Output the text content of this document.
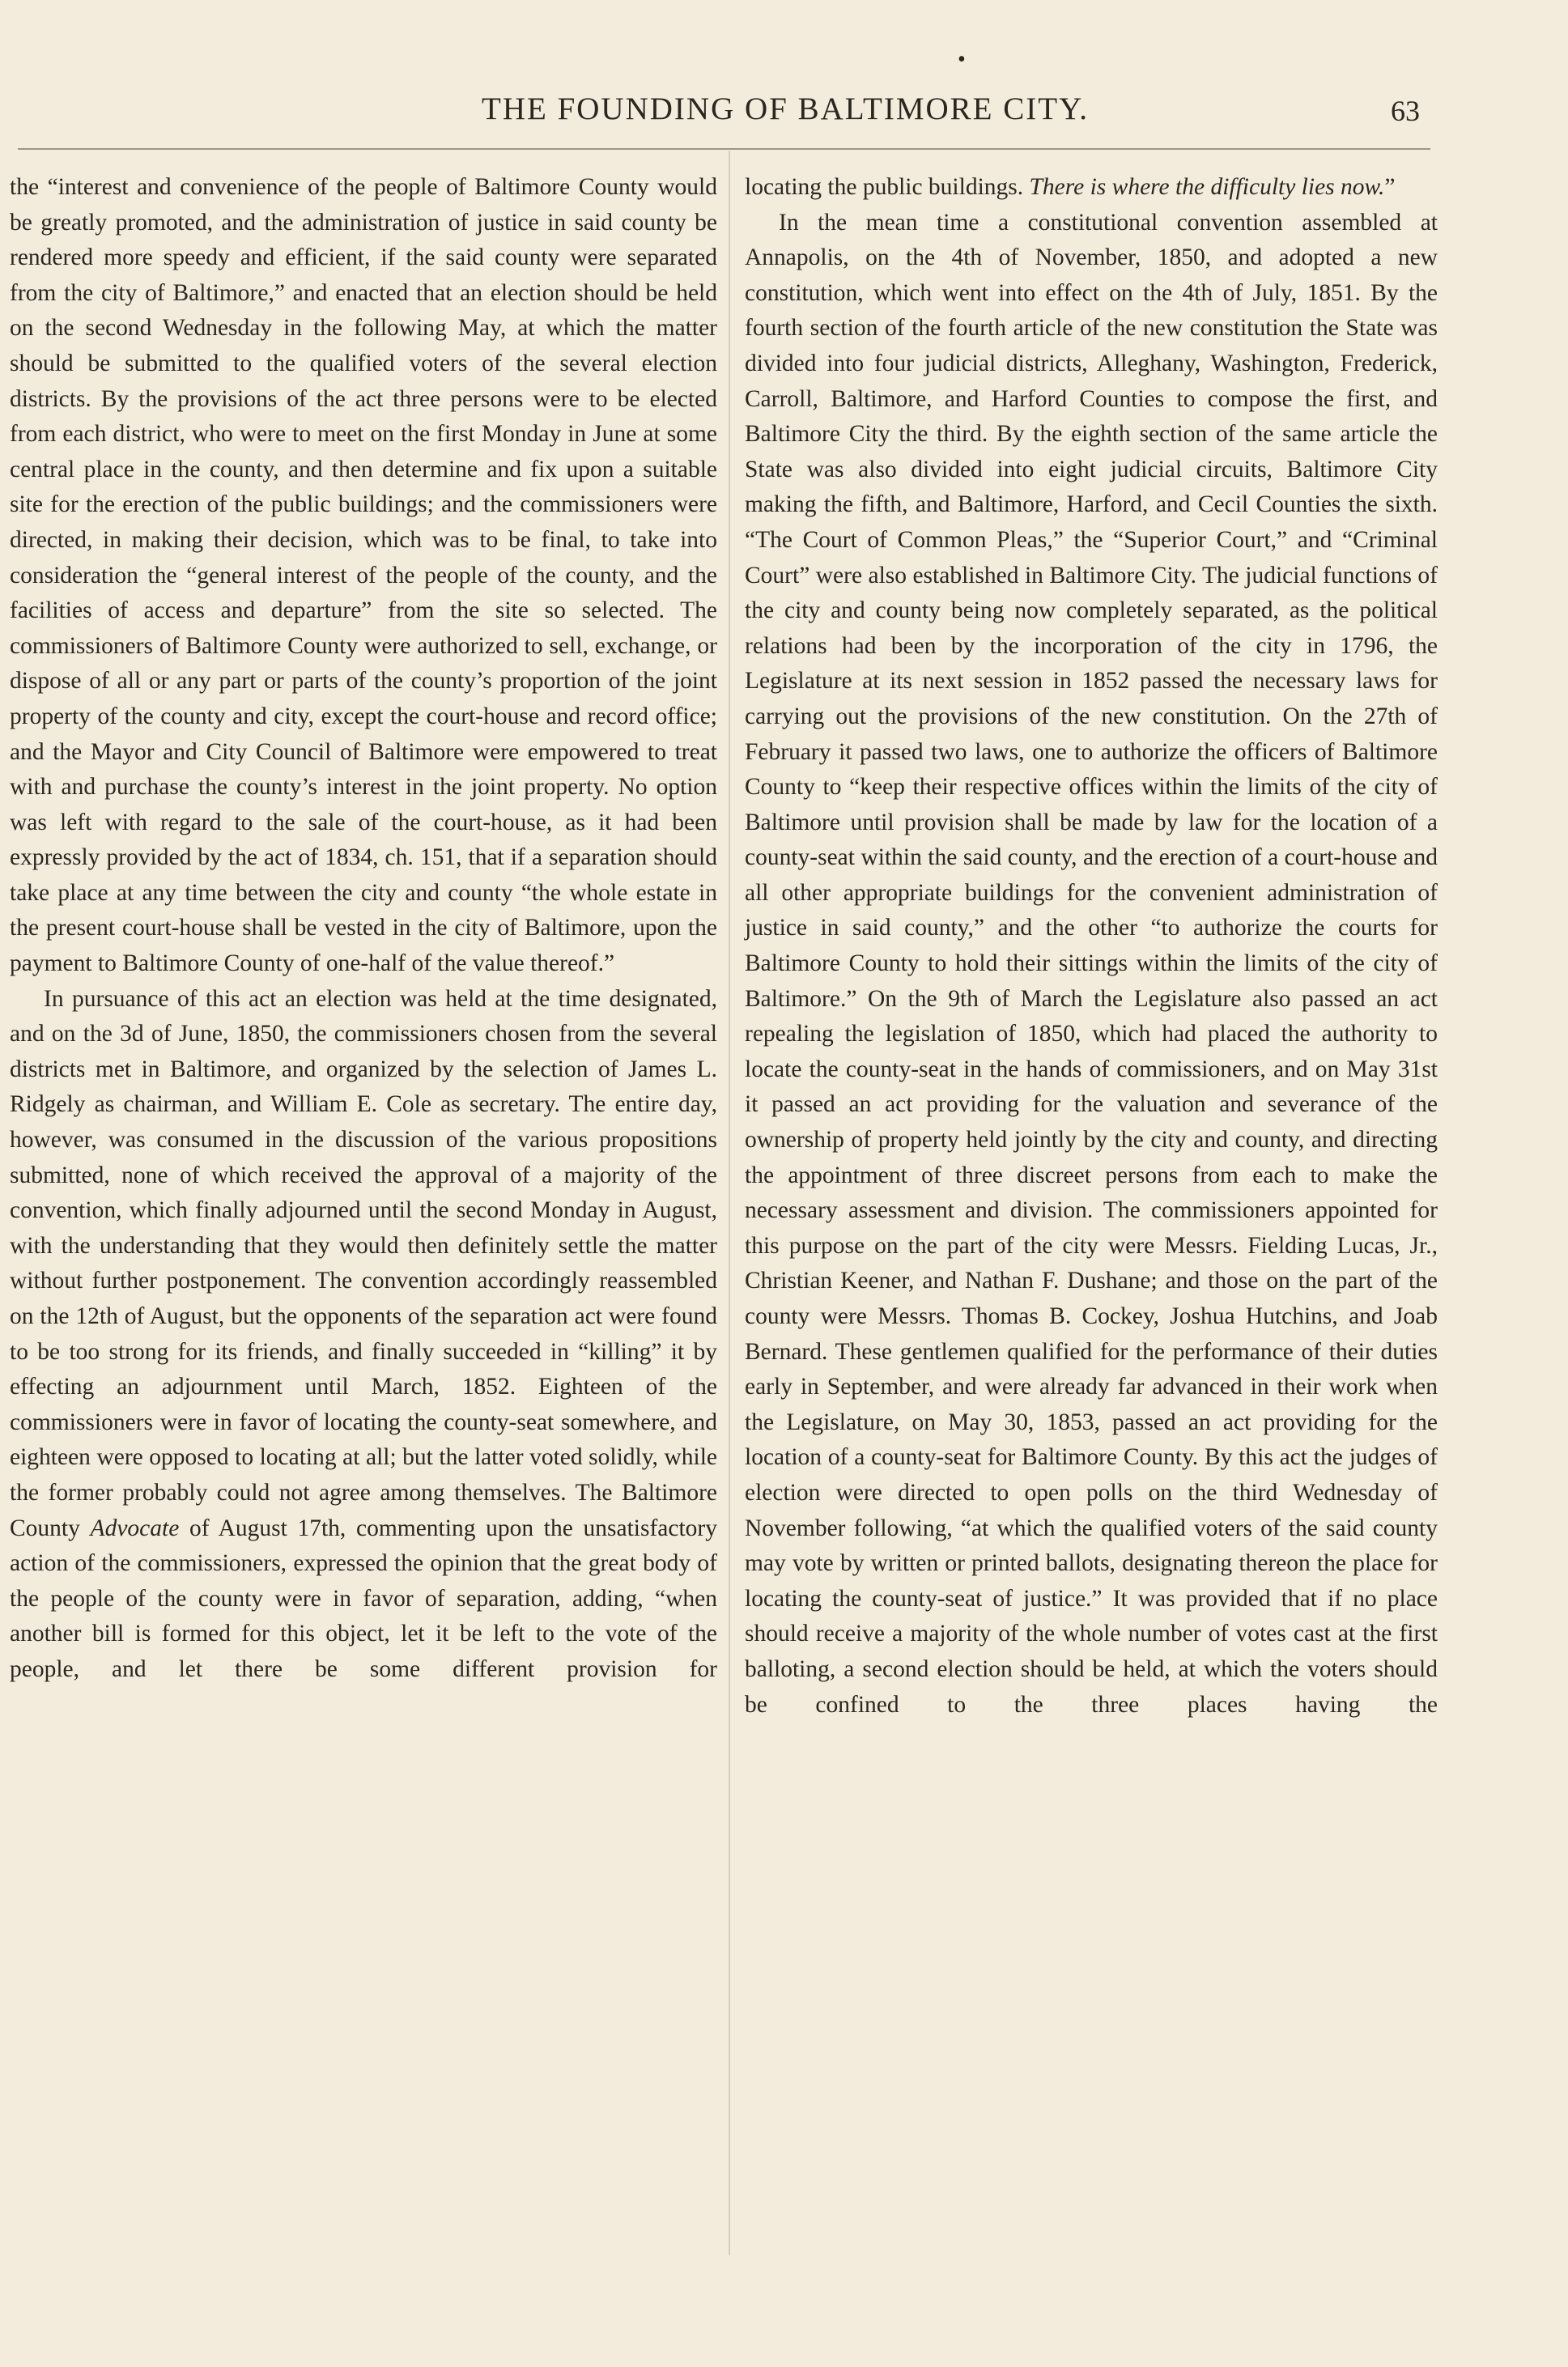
•
THE FOUNDING OF BALTIMORE CITY.	63

the “interest and convenience of the people of Baltimore County would be greatly promoted, and the administration of justice in said county be rendered more speedy and efficient, if the said county were separated from the city of Baltimore,” and enacted that an election should be held on the second Wednesday in the following May, at which the matter should be submitted to the qualified voters of the several election districts. By the provisions of the act three persons were to be elected from each district, who were to meet on the first Monday in June at some central place in the county, and then determine and fix upon a suitable site for the erection of the public buildings; and the commissioners were directed, in making their decision, which was to be final, to take into consideration the “general interest of the people of the county, and the facilities of access and departure” from the site so selected. The commissioners of Baltimore County were authorized to sell, exchange, or dispose of all or any part or parts of the county’s proportion of the joint property of the county and city, except the court-house and record office; and the Mayor and City Council of Baltimore were empowered to treat with and purchase the county’s interest in the joint property. No option was left with regard to the sale of the court-house, as it had been expressly provided by the act of 1834, ch. 151, that if a separation should take place at any time between the city and county “the whole estate in the present court-house shall be vested in the city of Baltimore, upon the payment to Baltimore County of one-half of the value thereof.”

In pursuance of this act an election was held at the time designated, and on the 3d of June, 1850, the commissioners chosen from the several districts met in Baltimore, and organized by the selection of James L. Ridgely as chairman, and William E. Cole as secretary. The entire day, however, was consumed in the discussion of the various propositions submitted, none of which received the approval of a majority of the convention, which finally adjourned until the second Monday in August, with the understanding that they would then definitely settle the matter without further postponement. The convention accordingly reassembled on the 12th of August, but the opponents of the separation act were found to be too strong for its friends, and finally succeeded in “killing” it by effecting an adjournment until March, 1852. Eighteen of the commissioners were in favor of locating the county-seat somewhere, and eighteen were opposed to locating at all; but the latter voted solidly, while the former probably could not agree among themselves. The Baltimore County Advocate of August 17th, commenting upon the unsatisfactory action of the commissioners, expressed the opinion that the great body of the people of the county were in favor of separation, adding, “when another bill is formed for this object, let it be left to the vote of the people, and let there be some different provision for

locating the public buildings. There is where the difficulty lies now.”

In the mean time a constitutional convention assembled at Annapolis, on the 4th of November, 1850, and adopted a new constitution, which went into effect on the 4th of July, 1851. By the fourth section of the fourth article of the new constitution the State was divided into four judicial districts, Alleghany, Washington, Frederick, Carroll, Baltimore, and Harford Counties to compose the first, and Baltimore City the third. By the eighth section of the same article the State was also divided into eight judicial circuits, Baltimore City making the fifth, and Baltimore, Harford, and Cecil Counties the sixth. “The Court of Common Pleas,” the “Superior Court,” and “Criminal Court” were also established in Baltimore City. The judicial functions of the city and county being now completely separated, as the political relations had been by the incorporation of the city in 1796, the Legislature at its next session in 1852 passed the necessary laws for carrying out the provisions of the new constitution. On the 27th of February it passed two laws, one to authorize the officers of Baltimore County to “keep their respective offices within the limits of the city of Baltimore until provision shall be made by law for the location of a county-seat within the said county, and the erection of a court-house and all other appropriate buildings for the convenient administration of justice in said county,” and the other “to authorize the courts for Baltimore County to hold their sittings within the limits of the city of Baltimore.” On the 9th of March the Legislature also passed an act repealing the legislation of 1850, which had placed the authority to locate the county-seat in the hands of commissioners, and on May 31st it passed an act providing for the valuation and severance of the ownership of property held jointly by the city and county, and directing the appointment of three discreet persons from each to make the necessary assessment and division. The commissioners appointed for this purpose on the part of the city were Messrs. Fielding Lucas, Jr., Christian Keener, and Nathan F. Dushane; and those on the part of the county were Messrs. Thomas B. Cockey, Joshua Hutchins, and Joab Bernard. These gentlemen qualified for the performance of their duties early in September, and were already far advanced in their work when the Legislature, on May 30, 1853, passed an act providing for the location of a county-seat for Baltimore County. By this act the judges of election were directed to open polls on the third Wednesday of November following, “at which the qualified voters of the said county may vote by written or printed ballots, designating thereon the place for locating the county-seat of justice.” It was provided that if no place should receive a majority of the whole number of votes cast at the first balloting, a second election should be held, at which the voters should be confined to the three places having the
